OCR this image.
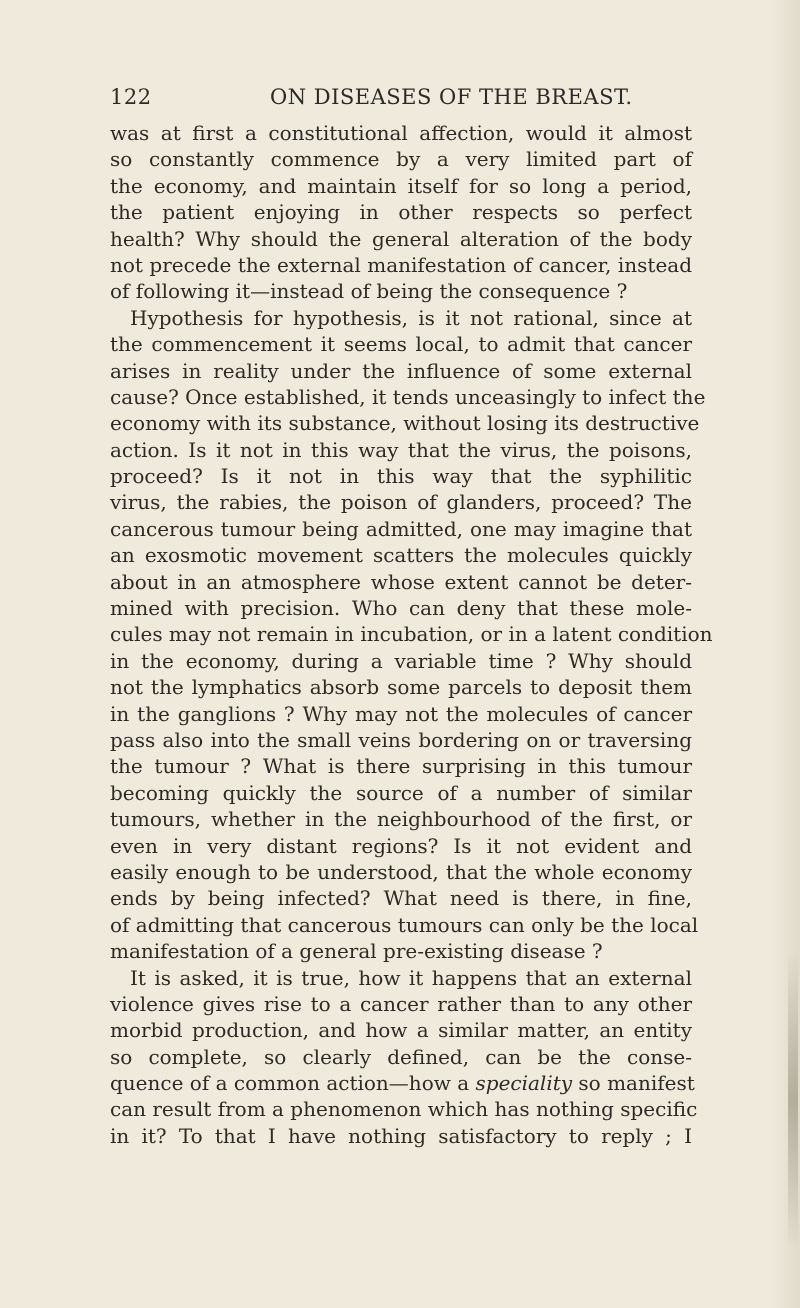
122	ON DISEASES OF THE BREAST.
was at first a constitutional affection, would it almost
so constantly commence by a very limited part of
the economy, and maintain itself for so long a period,
the patient enjoying in other respects so perfect
health? Why should the general alteration of the body
not precede the external manifestation of cancer, instead
of following it—instead of being the consequence ?
Hypothesis for hypothesis, is it not rational, since at
the commencement it seems local, to admit that cancer
arises in reality under the influence of some external
cause? Once established, it tends unceasingly to infect the
economy with its substance, without losing its destructive
action. Is it not in this way that the virus, the poisons,
proceed? Is it not in this way that the syphilitic
virus, the rabies, the poison of glanders, proceed? The
cancerous tumour being admitted, one may imagine that
an exosmotic movement scatters the molecules quickly
about in an atmosphere whose extent cannot be deter-
mined with precision. Who can deny that these mole-
cules may not remain in incubation, or in a latent condition
in the economy, during a variable time ? Why should
not the lymphatics absorb some parcels to deposit them
in the ganglions ? Why may not the molecules of cancer
pass also into the small veins bordering on or traversing
the tumour ? What is there surprising in this tumour
becoming quickly the source of a number of similar
tumours, whether in the neighbourhood of the first, or
even in very distant regions? Is it not evident and
easily enough to be understood, that the whole economy
ends by being infected? What need is there, in fine,
of admitting that cancerous tumours can only be the local
manifestation of a general pre-existing disease ?
It is asked, it is true, how it happens that an external
violence gives rise to a cancer rather than to any other
morbid production, and how a similar matter, an entity
so complete, so clearly defined, can be the conse-
quence of a common action—how a speciality so manifest
can result from a phenomenon which has nothing specific
in it? To that I have nothing satisfactory to reply ; I
